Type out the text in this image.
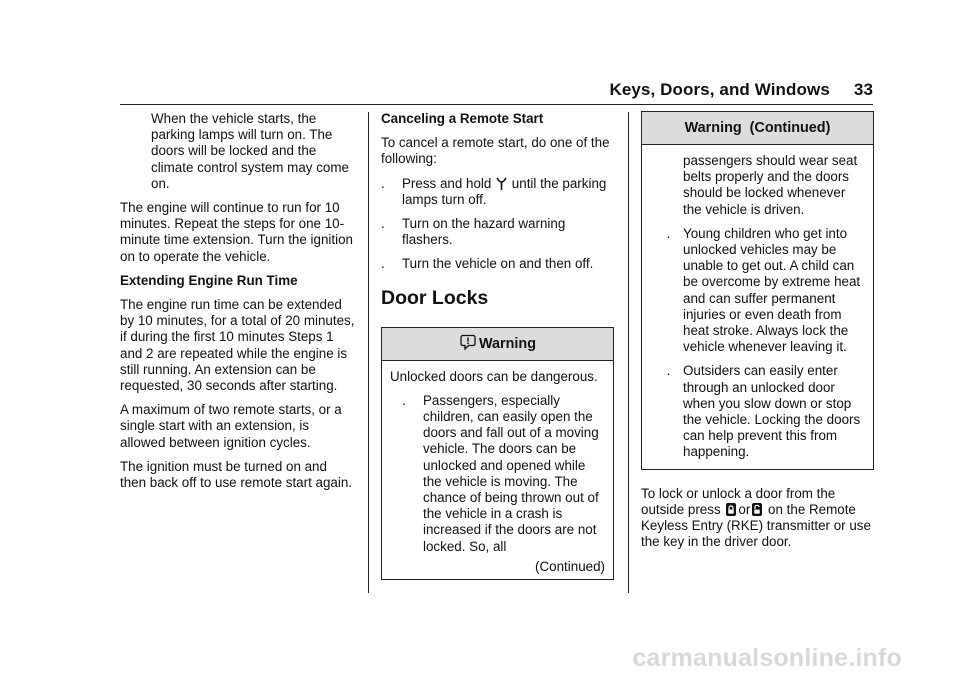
Keys, Doors, and Windows 33

When the vehicle starts, the parking lamps will turn on. The doors will be locked and the climate control system may come on.

The engine will continue to run for 10 minutes. Repeat the steps for one 10-minute time extension. Turn the ignition on to operate the vehicle.

Extending Engine Run Time

The engine run time can be extended by 10 minutes, for a total of 20 minutes, if during the first 10 minutes Steps 1 and 2 are repeated while the engine is still running. An extension can be requested, 30 seconds after starting.

A maximum of two remote starts, or a single start with an extension, is allowed between ignition cycles.

The ignition must be turned on and then back off to use remote start again.

Canceling a Remote Start

To cancel a remote start, do one of the following:

.	Press and hold until the parking lamps turn off.
.	Turn on the hazard warning flashers.
.	Turn the vehicle on and then off.
Door Locks
Warning

Unlocked doors can be dangerous.

.	Passengers, especially children, can easily open the doors and fall out of a moving vehicle. The doors can be unlocked and opened while the vehicle is moving. The chance of being thrown out of the vehicle in a crash is increased if the doors are not locked. So, all
(Continued)
Warning  (Continued)

passengers should wear seat belts properly and the doors should be locked whenever the vehicle is driven.

. Young children who get into unlocked vehicles may be unable to get out. A child can be overcome by extreme heat and can suffer permanent injuries or even death from heat stroke. Always lock the vehicle whenever leaving it.
. Outsiders can easily enter through an unlocked door when you slow down or stop the vehicle. Locking the doors can help prevent this from happening.

To lock or unlock a door from the
outside press or on the Remote Keyless Entry (RKE) transmitter or use the key in the driver door.

carmanualsonline.info
